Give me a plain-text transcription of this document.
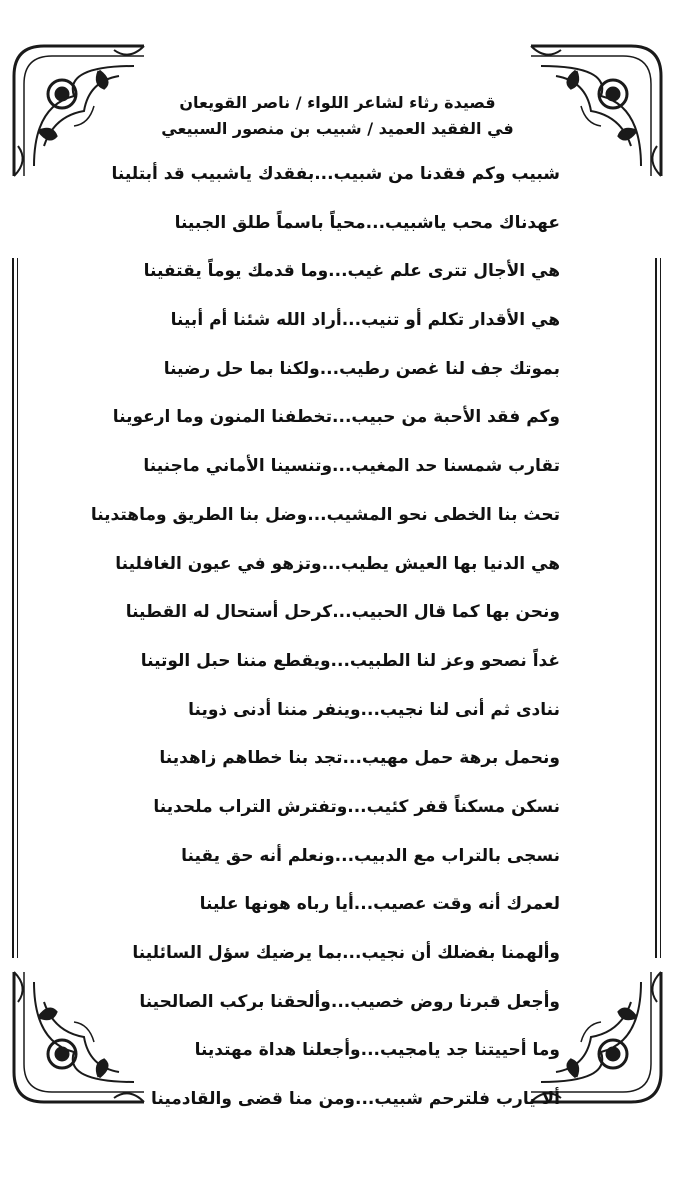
قصيدة رثاء لشاعر اللواء / ناصر القويعان
في الفقيد العميد / شبيب بن منصور السبيعي
شبيب وكم فقدنا من شبيب...بفقدك ياشبيب قد أبتلينا
عهدناك محب ياشبيب...محياً باسماً طلق الجبينا
هي الأجال تترى علم غيب...وما قدمك يوماً يقتفينا
هي الأقدار تكلم أو تنيب...أراد الله شئنا أم أبينا
بموتك جف لنا غصن رطيب...ولكنا بما حل رضينا
وكم فقد الأحبة من حبيب...تخطفنا المنون وما ارعوينا
تقارب شمسنا حد المغيب...وتنسينا الأماني ماجنينا
تحث بنا الخطى نحو المشيب...وضل بنا الطريق وماهتدينا
هي الدنيا بها العيش يطيب...وتزهو في عيون الغافلينا
ونحن بها كما قال الحبيب...كرحل أستحال له القطينا
غداً نصحو وعز لنا الطبيب...ويقطع مننا حبل الوتينا
ننادى ثم أنى لنا نجيب...وينفر مننا أدنى ذوينا
ونحمل برهة حمل مهيب...تجد بنا خطاهم زاهدينا
نسكن مسكناً قفر كئيب...وتفترش التراب ملحدينا
نسجى بالتراب مع الدبيب...ونعلم أنه حق يقينا
لعمرك أنه وقت عصيب...أيا رباه هونها علينا
وألهمنا بفضلك أن نجيب...بما يرضيك سؤل السائلينا
وأجعل قبرنا روض خصيب...وألحقنا بركب الصالحينا
وما أحييتنا جد يامجيب...وأجعلنا هداة مهتدينا
ألا يارب فلترحم شبيب...ومن منا قضى والقادمينا
